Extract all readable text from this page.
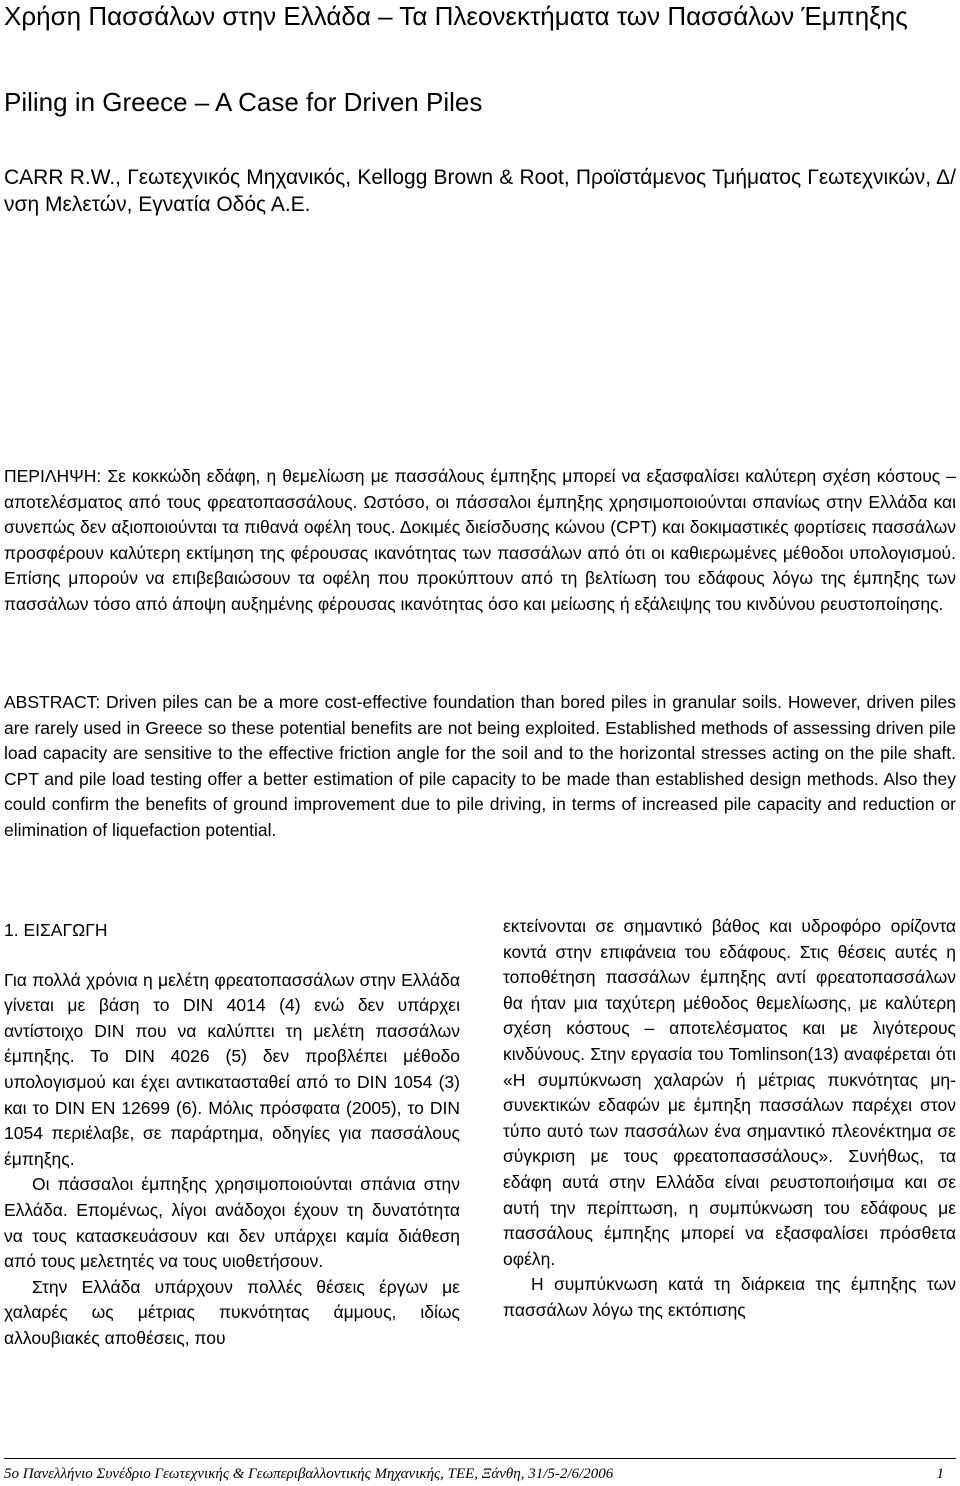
Χρήση Πασσάλων στην Ελλάδα – Τα Πλεονεκτήματα των Πασσάλων Έμπηξης
Piling in Greece – A Case for Driven Piles

CARR R.W., Γεωτεχνικός Μηχανικός, Kellogg Brown & Root, Προϊστάμενος Τμήματος Γεωτεχνικών, Δ/νση Μελετών, Εγνατία Οδός Α.Ε.

ΠΕΡΙΛΗΨΗ: Σε κοκκώδη εδάφη, η θεμελίωση με πασσάλους έμπηξης μπορεί να εξασφαλίσει καλύτερη σχέση κόστους – αποτελέσματος από τους φρεατοπασσάλους. Ωστόσο, οι πάσσαλοι έμπηξης χρησιμοποιούνται σπανίως στην Ελλάδα και συνεπώς δεν αξιοποιούνται τα πιθανά οφέλη τους. Δοκιμές διείσδυσης κώνου (CPT) και δοκιμαστικές φορτίσεις πασσάλων προσφέρουν καλύτερη εκτίμηση της φέρουσας ικανότητας των πασσάλων από ότι οι καθιερωμένες μέθοδοι υπολογισμού. Επίσης μπορούν να επιβεβαιώσουν τα οφέλη που προκύπτουν από τη βελτίωση του εδάφους λόγω της έμπηξης των πασσάλων τόσο από άποψη αυξημένης φέρουσας ικανότητας όσο και μείωσης ή εξάλειψης του κινδύνου ρευστοποίησης.

ABSTRACT: Driven piles can be a more cost-effective foundation than bored piles in granular soils. However, driven piles are rarely used in Greece so these potential benefits are not being exploited. Established methods of assessing driven pile load capacity are sensitive to the effective friction angle for the soil and to the horizontal stresses acting on the pile shaft. CPT and pile load testing offer a better estimation of pile capacity to be made than established design methods. Also they could confirm the benefits of ground improvement due to pile driving, in terms of increased pile capacity and reduction or elimination of liquefaction potential.

1. ΕΙΣΑΓΩΓΗ

Για πολλά χρόνια η μελέτη φρεατοπασσάλων στην Ελλάδα γίνεται με βάση το DIN 4014 (4) ενώ δεν υπάρχει αντίστοιχο DIN που να καλύπτει τη μελέτη πασσάλων έμπηξης. Το DIN 4026 (5) δεν προβλέπει μέθοδο υπολογισμού και έχει αντικατασταθεί από το DIN 1054 (3) και το DIN EN 12699 (6). Μόλις πρόσφατα (2005), το DIN 1054 περιέλαβε, σε παράρτημα, οδηγίες για πασσάλους έμπηξης.

Οι πάσσαλοι έμπηξης χρησιμοποιούνται σπάνια στην Ελλάδα. Επομένως, λίγοι ανάδοχοι έχουν τη δυνατότητα να τους κατασκευάσουν και δεν υπάρχει καμία διάθεση από τους μελετητές να τους υιοθετήσουν.

Στην Ελλάδα υπάρχουν πολλές θέσεις έργων με χαλαρές ως μέτριας πυκνότητας άμμους, ιδίως αλλουβιακές αποθέσεις, που

εκτείνονται σε σημαντικό βάθος και υδροφόρο ορίζοντα κοντά στην επιφάνεια του εδάφους. Στις θέσεις αυτές η τοποθέτηση πασσάλων έμπηξης αντί φρεατοπασσάλων θα ήταν μια ταχύτερη μέθοδος θεμελίωσης, με καλύτερη σχέση κόστους – αποτελέσματος και με λιγότερους κινδύνους. Στην εργασία του Tomlinson(13) αναφέρεται ότι «Η συμπύκνωση χαλαρών ή μέτριας πυκνότητας μη-συνεκτικών εδαφών με έμπηξη πασσάλων παρέχει στον τύπο αυτό των πασσάλων ένα σημαντικό πλεονέκτημα σε σύγκριση με τους φρεατοπασσάλους». Συνήθως, τα εδάφη αυτά στην Ελλάδα είναι ρευστοποιήσιμα και σε αυτή την περίπτωση, η συμπύκνωση του εδάφους με πασσάλους έμπηξης μπορεί να εξασφαλίσει πρόσθετα οφέλη.

Η συμπύκνωση κατά τη διάρκεια της έμπηξης των πασσάλων λόγω της εκτόπισης

5ο Πανελλήνιο Συνέδριο Γεωτεχνικής & Γεωπεριβαλλοντικής Μηχανικής, ΤΕΕ, Ξάνθη, 31/5-2/6/2006	1
